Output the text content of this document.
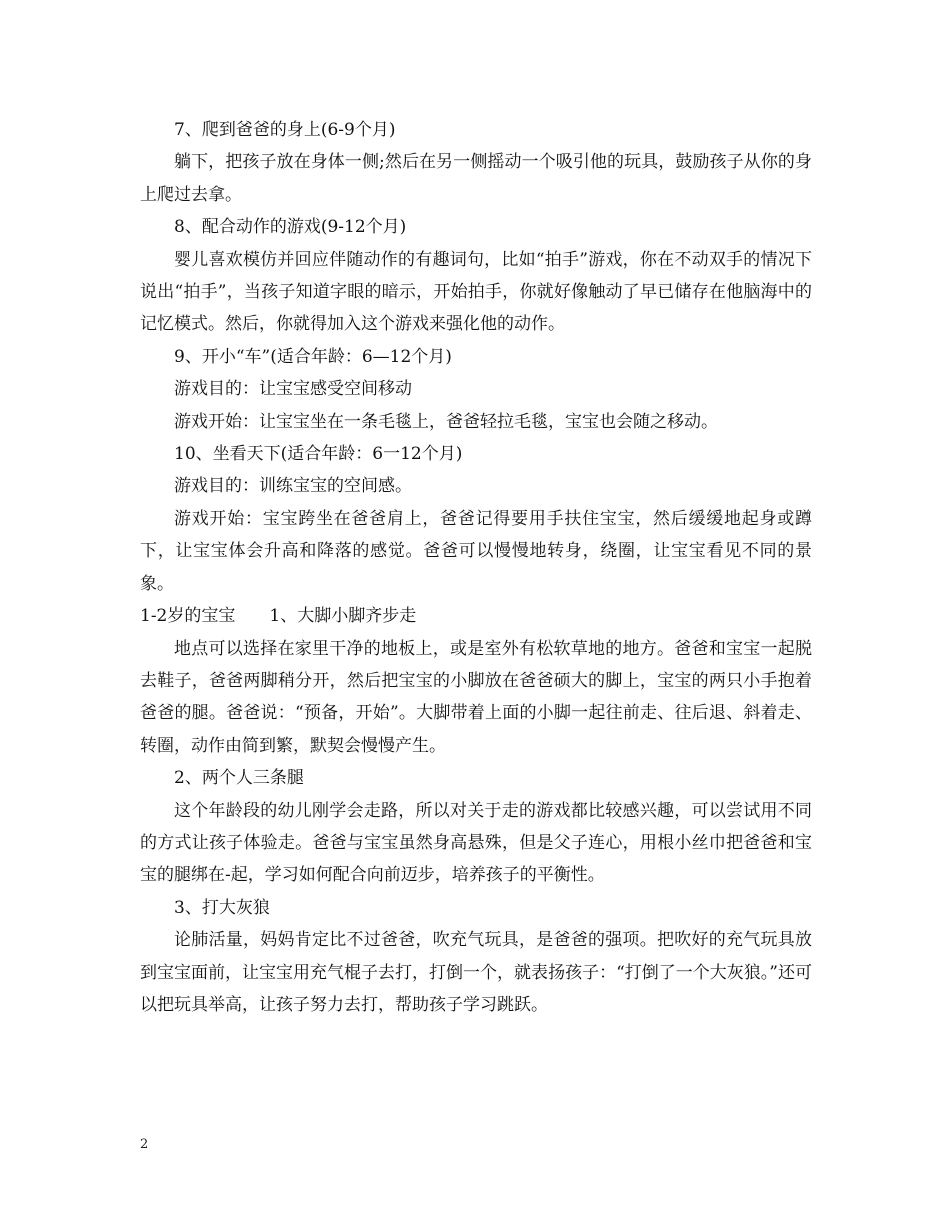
7、爬到爸爸的身上(6-9个月)

躺下，把孩子放在身体一侧;然后在另一侧摇动一个吸引他的玩具，鼓励孩子从你的身上爬过去拿。

8、配合动作的游戏(9-12个月)

婴儿喜欢模仿并回应伴随动作的有趣词句，比如“拍手”游戏，你在不动双手的情况下说出“拍手”，当孩子知道字眼的暗示，开始拍手，你就好像触动了早已储存在他脑海中的记忆模式。然后，你就得加入这个游戏来强化他的动作。

9、开小“车”(适合年龄：6—12个月)

游戏目的：让宝宝感受空间移动

游戏开始：让宝宝坐在一条毛毯上，爸爸轻拉毛毯，宝宝也会随之移动。

10、坐看天下(适合年龄：6一12个月)

游戏目的：训练宝宝的空间感。

游戏开始：宝宝跨坐在爸爸肩上，爸爸记得要用手扶住宝宝，然后缓缓地起身或蹲下，让宝宝体会升高和降落的感觉。爸爸可以慢慢地转身，绕圈，让宝宝看见不同的景象。

1-2岁的宝宝　　1、大脚小脚齐步走

地点可以选择在家里干净的地板上，或是室外有松软草地的地方。爸爸和宝宝一起脱去鞋子，爸爸两脚稍分开，然后把宝宝的小脚放在爸爸硕大的脚上，宝宝的两只小手抱着爸爸的腿。爸爸说：“预备，开始”。大脚带着上面的小脚一起往前走、往后退、斜着走、转圈，动作由简到繁，默契会慢慢产生。

2、两个人三条腿

这个年龄段的幼儿刚学会走路，所以对关于走的游戏都比较感兴趣，可以尝试用不同的方式让孩子体验走。爸爸与宝宝虽然身高悬殊，但是父子连心，用根小丝巾把爸爸和宝宝的腿绑在-起，学习如何配合向前迈步，培养孩子的平衡性。

3、打大灰狼

论肺活量，妈妈肯定比不过爸爸，吹充气玩具，是爸爸的强项。把吹好的充气玩具放到宝宝面前，让宝宝用充气棍子去打，打倒一个，就表扬孩子：“打倒了一个大灰狼。”还可以把玩具举高，让孩子努力去打，帮助孩子学习跳跃。

2
